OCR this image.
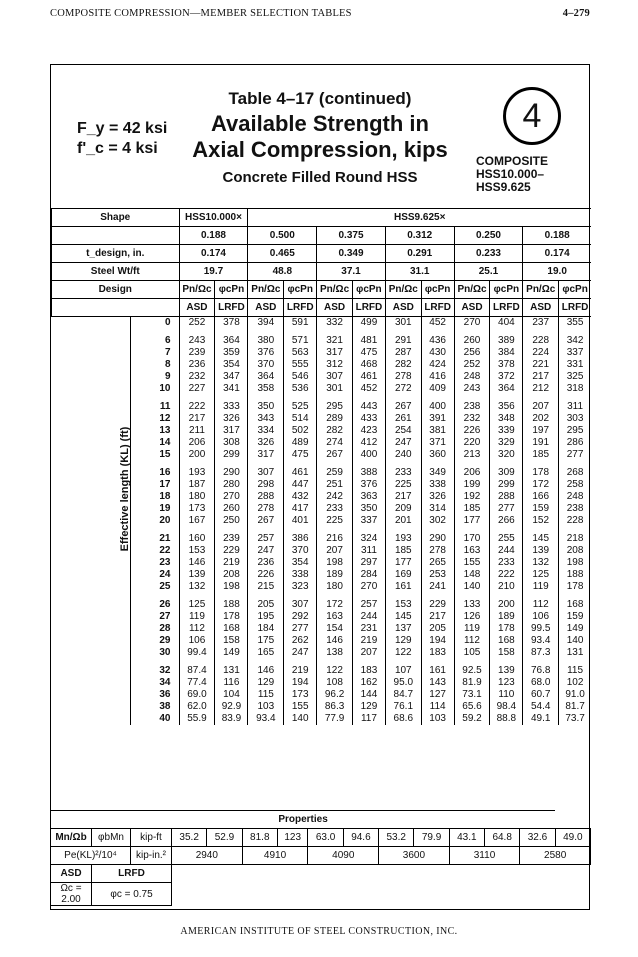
COMPOSITE COMPRESSION—MEMBER SELECTION TABLES	4–279
F_y = 42 ksi
f'_c = 4 ksi
Table 4–17 (continued)
Available Strength in
Axial Compression, kips
Concrete Filled Round HSS
4
COMPOSITE
HSS10.000–
HSS9.625
Shape		HSS10.000×		HSS9.625×									
		0.188		0.500		0.375		0.312		0.250		0.188	
t_design, in.		0.174		0.465		0.349		0.291		0.233		0.174	
Steel Wt/ft		19.7		48.8		37.1		31.1		25.1		19.0	
Design		Pn/Ωc	φcPn	Pn/Ωc	φcPn	Pn/Ωc	φcPn	Pn/Ωc	φcPn	Pn/Ωc	φcPn	Pn/Ωc	φcPn
		ASD	LRFD	ASD	LRFD	ASD	LRFD	ASD	LRFD	ASD	LRFD	ASD	LRFD
	0	252	378	394	591	332	499	301	452	270	404	237	355
	6	243	364	380	571	321	481	291	436	260	389	228	342
	7	239	359	376	563	317	475	287	430	256	384	224	337
	8	236	354	370	555	312	468	282	424	252	378	221	331
	9	232	347	364	546	307	461	278	416	248	372	217	325
	10	227	341	358	536	301	452	272	409	243	364	212	318
	11	222	333	350	525	295	443	267	400	238	356	207	311
	12	217	326	343	514	289	433	261	391	232	348	202	303
	13	211	317	334	502	282	423	254	381	226	339	197	295
	14	206	308	326	489	274	412	247	371	220	329	191	286
	15	200	299	317	475	267	400	240	360	213	320	185	277
	16	193	290	307	461	259	388	233	349	206	309	178	268
	17	187	280	298	447	251	376	225	338	199	299	172	258
	18	180	270	288	432	242	363	217	326	192	288	166	248
	19	173	260	278	417	233	350	209	314	185	277	159	238
	20	167	250	267	401	225	337	201	302	177	266	152	228
	21	160	239	257	386	216	324	193	290	170	255	145	218
	22	153	229	247	370	207	311	185	278	163	244	139	208
	23	146	219	236	354	198	297	177	265	155	233	132	198
	24	139	208	226	338	189	284	169	253	148	222	125	188
	25	132	198	215	323	180	270	161	241	140	210	119	178
	26	125	188	205	307	172	257	153	229	133	200	112	168
	27	119	178	195	292	163	244	145	217	126	189	106	159
	28	112	168	184	277	154	231	137	205	119	178	99.5	149
	29	106	158	175	262	146	219	129	194	112	168	93.4	140
	30	99.4	149	165	247	138	207	122	183	105	158	87.3	131
	32	87.4	131	146	219	122	183	107	161	92.5	139	76.8	115
	34	77.4	116	129	194	108	162	95.0	143	81.9	123	68.0	102
	36	69.0	104	115	173	96.2	144	84.7	127	73.1	110	60.7	91.0
	38	62.0	92.9	103	155	86.3	129	76.1	114	65.6	98.4	54.4	81.7
	40	55.9	83.9	93.4	140	77.9	117	68.6	103	59.2	88.8	49.1	73.7
Effective length (KL) (ft)
Properties														
Mn/Ωb	φbMn	kip-ft	35.2	52.9	81.8	123	63.0	94.6	53.2	79.9	43.1	64.8	32.6	49.0
Pe(KL)²/10⁴		kip-in.²	2940		4910		4090		3600		3110		2580	
ASD	LRFD													
Ωc = 2.00	φc = 0.75													
AMERICAN INSTITUTE OF STEEL CONSTRUCTION, INC.
